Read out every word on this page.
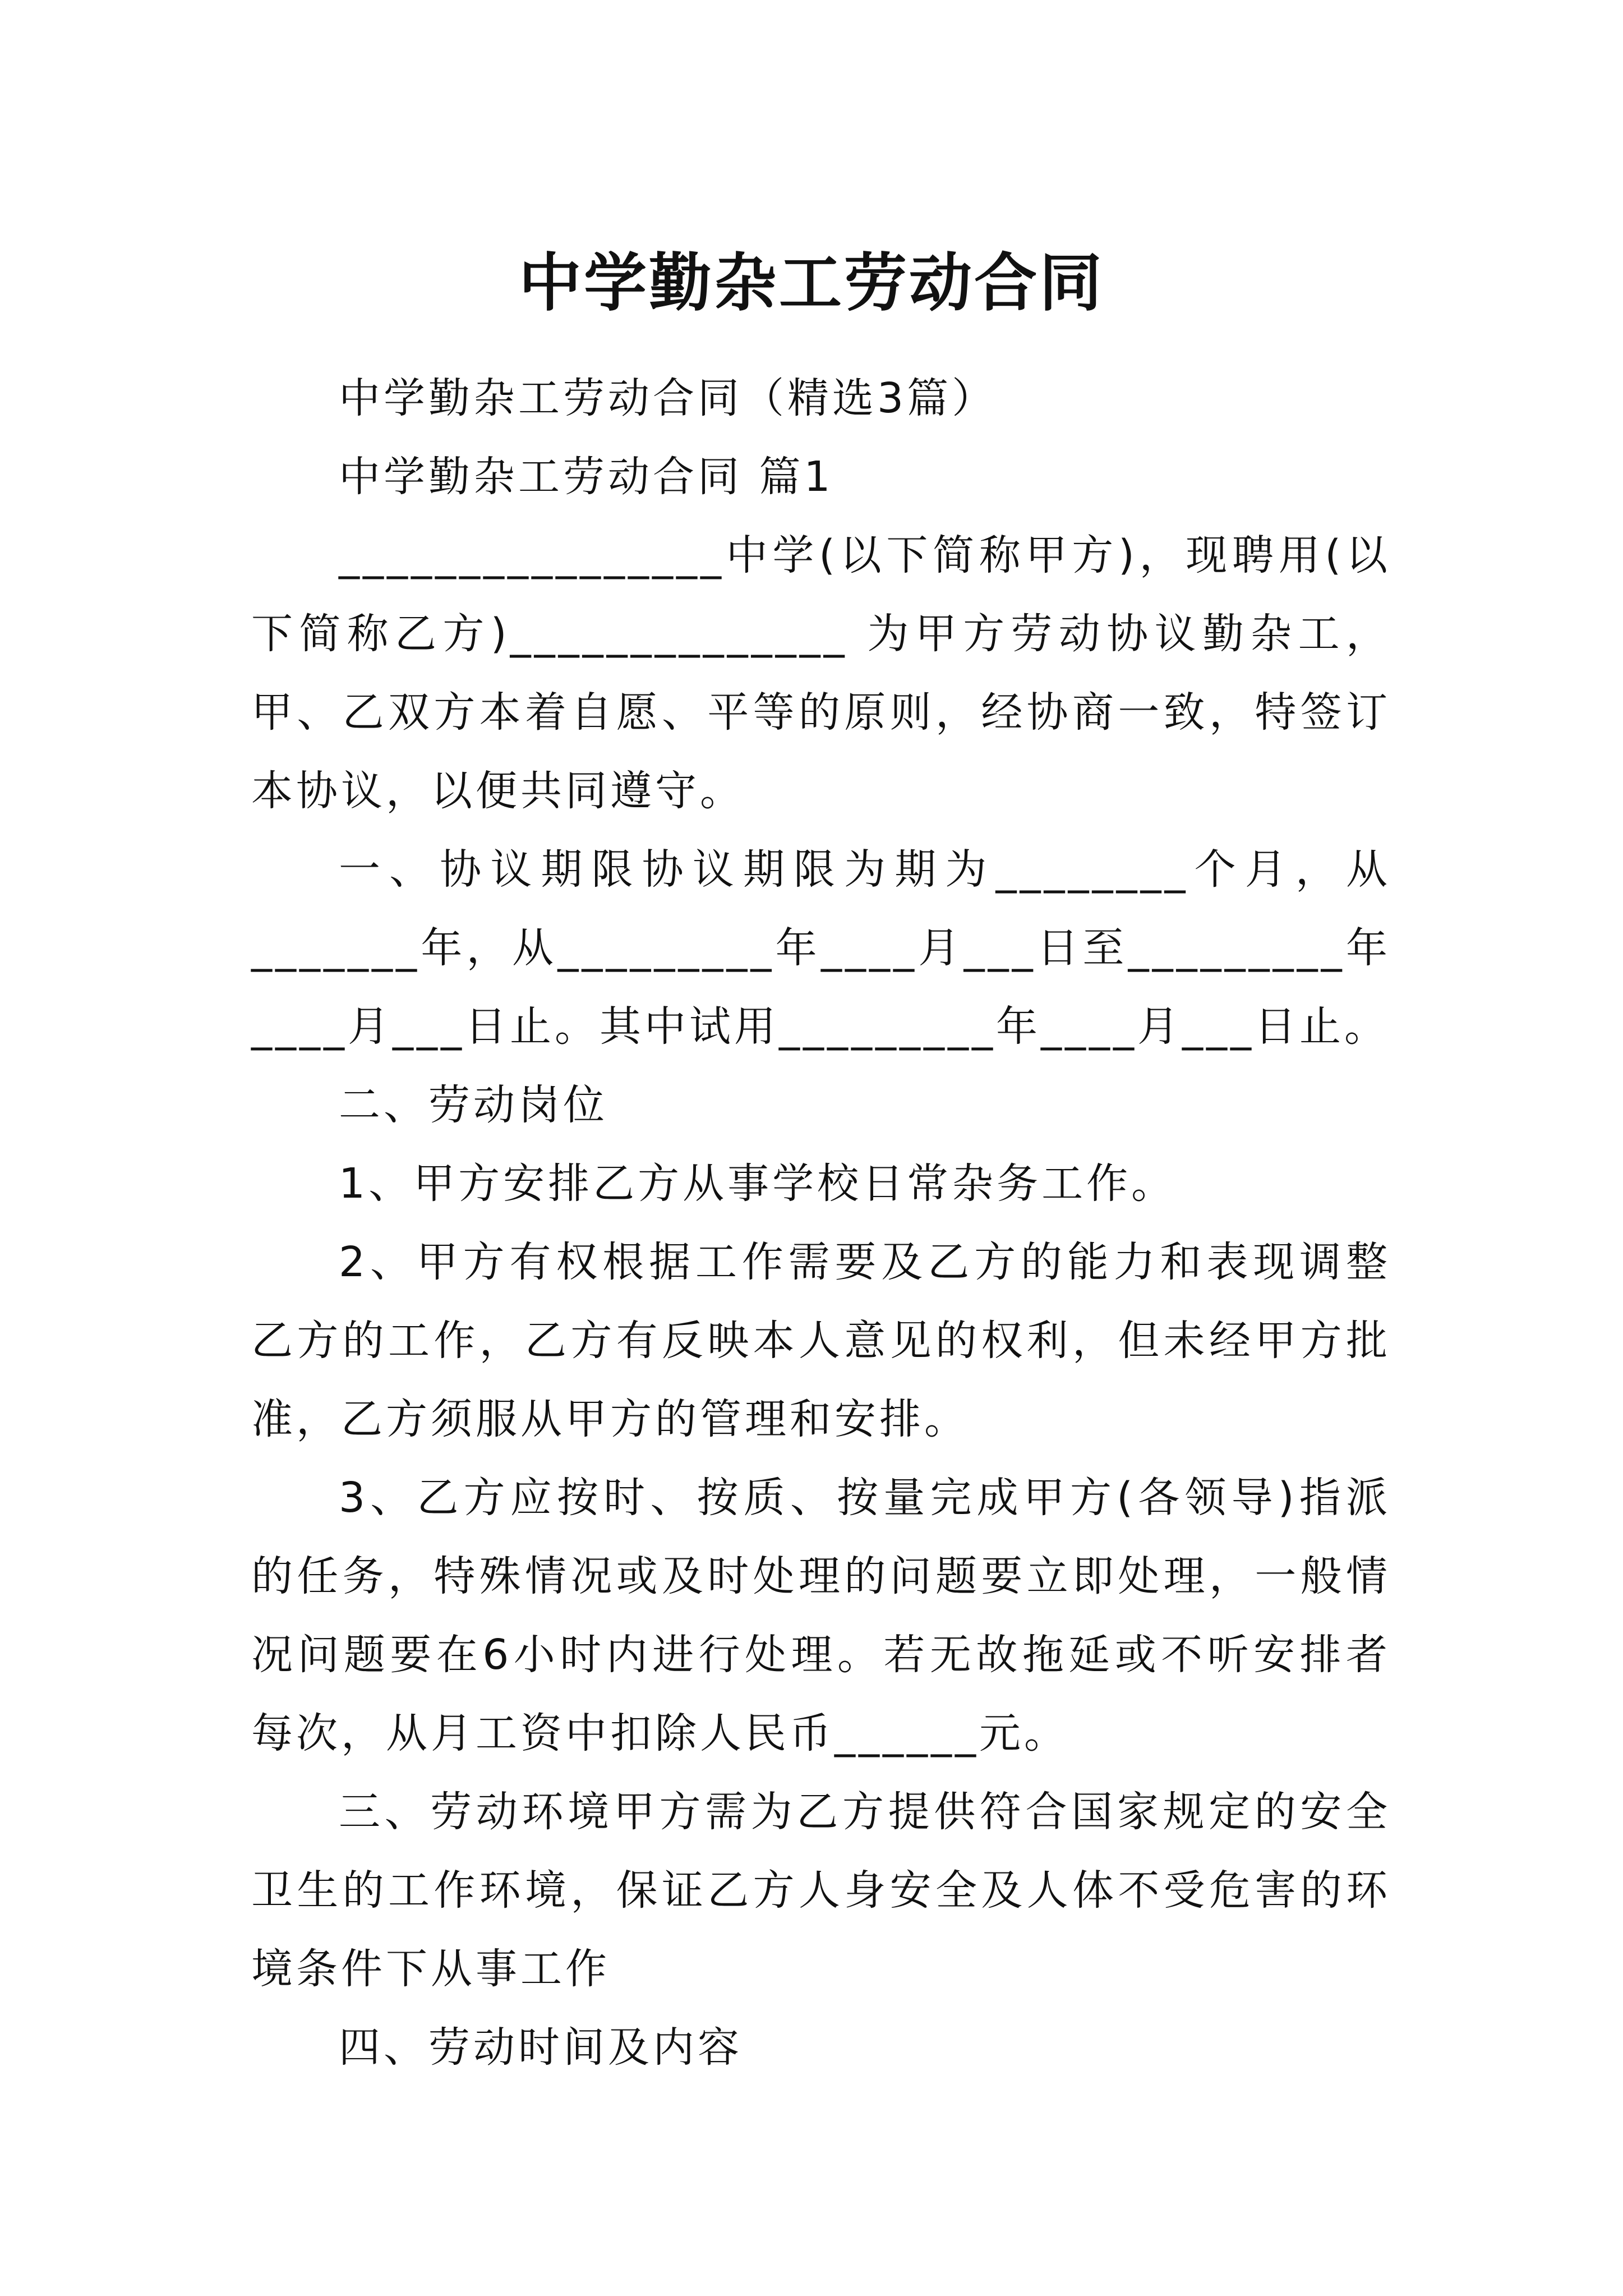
中学勤杂工劳动合同

中学勤杂工劳动合同（精选3篇）

中学勤杂工劳动合同 篇1

________________中学(以下简称甲方)，现聘用(以下简称乙方)______________ 为甲方劳动协议勤杂工，甲、乙双方本着自愿、平等的原则，经协商一致，特签订本协议，以便共同遵守。

一、协议期限协议期限为期为________个月，从_______年，从_________年____月___日至_________年____月___日止。其中试用_________年____月___日止。

二、劳动岗位

1、甲方安排乙方从事学校日常杂务工作。

2、甲方有权根据工作需要及乙方的能力和表现调整乙方的工作，乙方有反映本人意见的权利，但未经甲方批准，乙方须服从甲方的管理和安排。

3、乙方应按时、按质、按量完成甲方(各领导)指派的任务，特殊情况或及时处理的问题要立即处理，一般情况问题要在6小时内进行处理。若无故拖延或不听安排者每次，从月工资中扣除人民币______元。

三、劳动环境甲方需为乙方提供符合国家规定的安全卫生的工作环境，保证乙方人身安全及人体不受危害的环境条件下从事工作

四、劳动时间及内容
